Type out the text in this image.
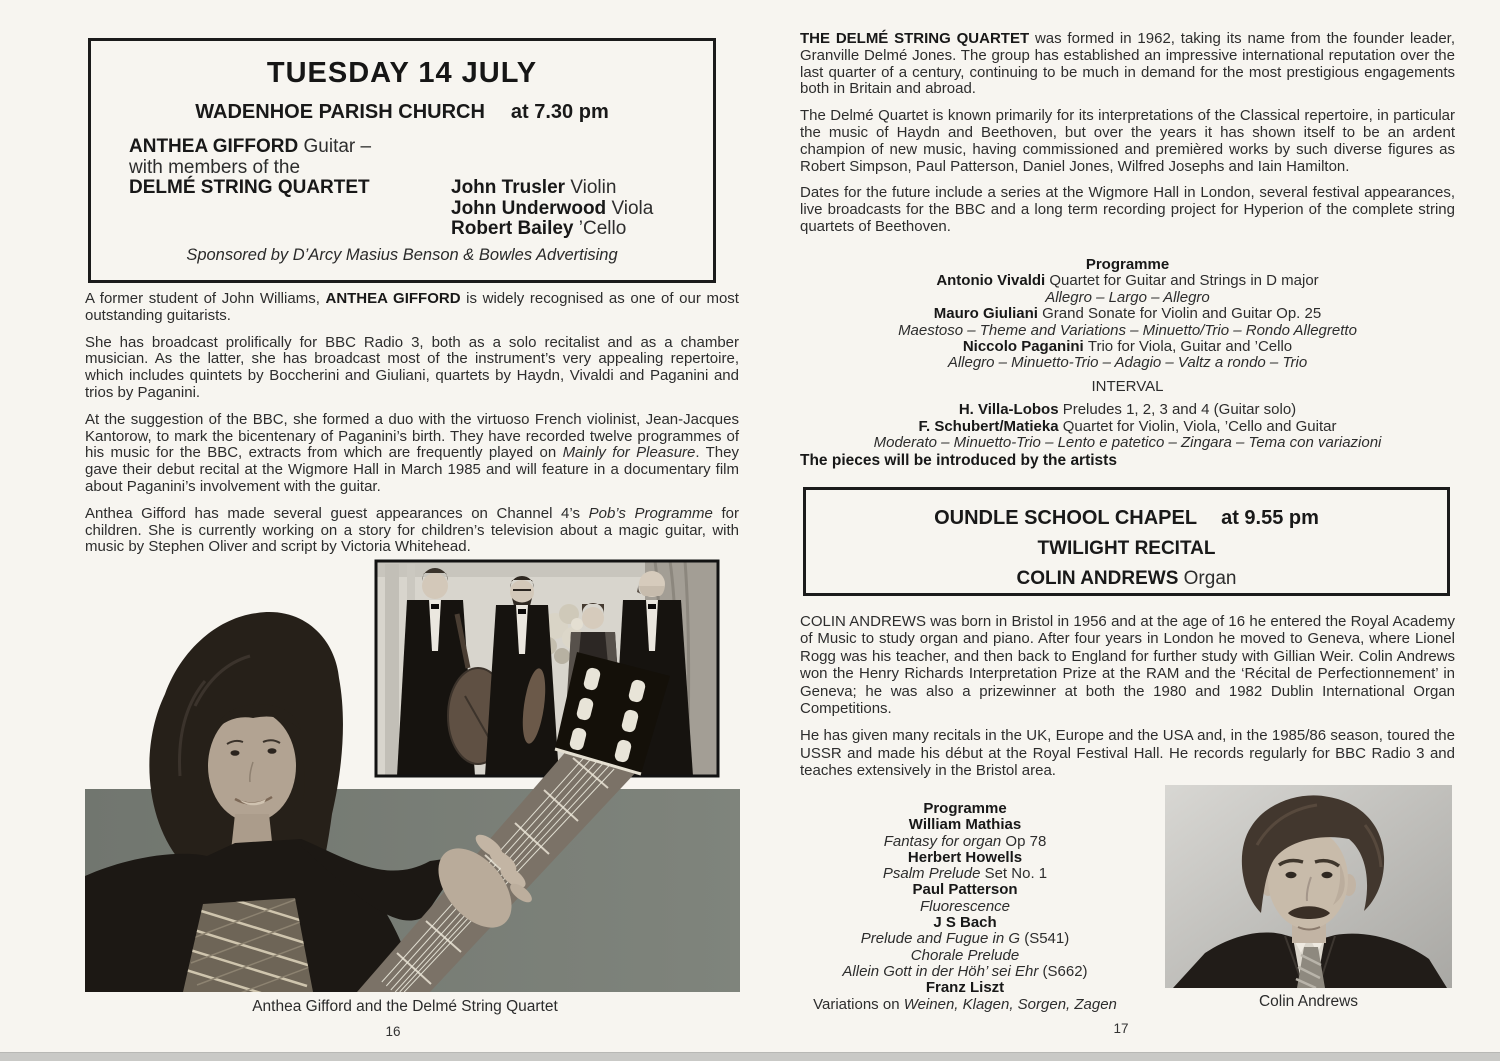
TUESDAY 14 JULY
WADENHOE PARISH CHURCH at 7.30 pm
ANTHEA GIFFORD Guitar –
with members of the
DELMÉ STRING QUARTET	John Trusler Violin
John Underwood Viola
Robert Bailey ’Cello
Sponsored by D’Arcy Masius Benson & Bowles Advertising

A former student of John Williams, ANTHEA GIFFORD is widely recognised as one of our most outstanding guitarists.

She has broadcast prolifically for BBC Radio 3, both as a solo recitalist and as a chamber musician. As the latter, she has broadcast most of the instrument’s very appealing repertoire, which includes quintets by Boccherini and Giuliani, quartets by Haydn, Vivaldi and Paganini and trios by Paganini.

At the suggestion of the BBC, she formed a duo with the virtuoso French violinist, Jean-Jacques Kantorow, to mark the bicentenary of Paganini’s birth. They have recorded twelve programmes of his music for the BBC, extracts from which are frequently played on Mainly for Pleasure. They gave their debut recital at the Wigmore Hall in March 1985 and will feature in a documentary film about Paganini’s involvement with the guitar.

Anthea Gifford has made several guest appearances on Channel 4’s Pob’s Programme for children. She is currently working on a story for children’s television about a magic guitar, with music by Stephen Oliver and script by Victoria Whitehead.

Anthea Gifford and the Delmé String Quartet
16

THE DELMÉ STRING QUARTET was formed in 1962, taking its name from the founder leader, Granville Delmé Jones. The group has established an impressive international reputation over the last quarter of a century, continuing to be much in demand for the most prestigious engagements both in Britain and abroad.

The Delmé Quartet is known primarily for its interpretations of the Classical repertoire, in particular the music of Haydn and Beethoven, but over the years it has shown itself to be an ardent champion of new music, having commissioned and premièred works by such diverse figures as Robert Simpson, Paul Patterson, Daniel Jones, Wilfred Josephs and Iain Hamilton.

Dates for the future include a series at the Wigmore Hall in London, several festival appearances, live broadcasts for the BBC and a long term recording project for Hyperion of the complete string quartets of Beethoven.

Programme
Antonio Vivaldi Quartet for Guitar and Strings in D major
Allegro – Largo – Allegro
Mauro Giuliani Grand Sonate for Violin and Guitar Op. 25
Maestoso – Theme and Variations – Minuetto/Trio – Rondo Allegretto
Niccolo Paganini Trio for Viola, Guitar and ’Cello
Allegro – Minuetto-Trio – Adagio – Valtz a rondo – Trio
INTERVAL
H. Villa-Lobos Preludes 1, 2, 3 and 4 (Guitar solo)
F. Schubert/Matieka Quartet for Violin, Viola, ’Cello and Guitar
Moderato – Minuetto-Trio – Lento e patetico – Zingara – Tema con variazioni
The pieces will be introduced by the artists
OUNDLE SCHOOL CHAPEL at 9.55 pm
TWILIGHT RECITAL
COLIN ANDREWS Organ

COLIN ANDREWS was born in Bristol in 1956 and at the age of 16 he entered the Royal Academy of Music to study organ and piano. After four years in London he moved to Geneva, where Lionel Rogg was his teacher, and then back to England for further study with Gillian Weir. Colin Andrews won the Henry Richards Interpretation Prize at the RAM and the ‘Récital de Perfectionnement’ in Geneva; he was also a prizewinner at both the 1980 and 1982 Dublin International Organ Competitions.

He has given many recitals in the UK, Europe and the USA and, in the 1985/86 season, toured the USSR and made his début at the Royal Festival Hall. He records regularly for BBC Radio 3 and teaches extensively in the Bristol area.

Programme
William Mathias
Fantasy for organ Op 78
Herbert Howells
Psalm Prelude Set No. 1
Paul Patterson
Fluorescence
J S Bach
Prelude and Fugue in G (S541)
Chorale Prelude
Allein Gott in der Höh’ sei Ehr (S662)
Franz Liszt
Variations on Weinen, Klagen, Sorgen, Zagen	Colin Andrews
17
